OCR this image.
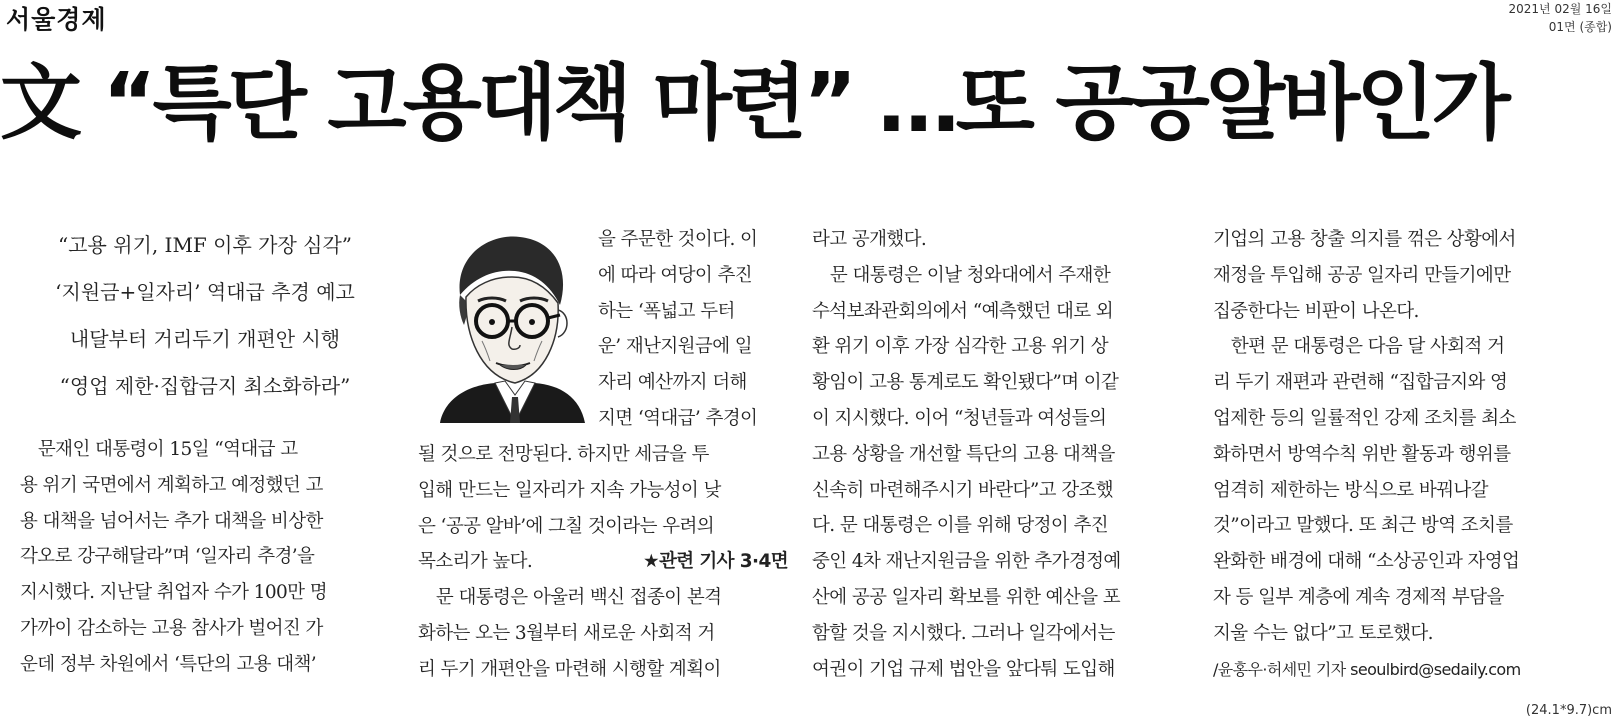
서울경제	2021년 02월 16일
01면 (종합)
文 “특단 고용대책 마련” …또 공공알바인가
“고용 위기, IMF 이후 가장 심각”
‘지원금+일자리’ 역대급 추경 예고
내달부터 거리두기 개편안 시행
“영업 제한·집합금지 최소화하라”
　문재인 대통령이 15일 “역대급 고
용 위기 국면에서 계획하고 예정했던 고
용 대책을 넘어서는 추가 대책을 비상한
각오로 강구해달라”며 ‘일자리 추경’을
지시했다. 지난달 취업자 수가 100만 명
가까이 감소하는 고용 참사가 벌어진 가
운데 정부 차원에서 ‘특단의 고용 대책’
을 주문한 것이다. 이
에 따라 여당이 추진
하는 ‘폭넓고 두터
운’ 재난지원금에 일
자리 예산까지 더해
지면 ‘역대급’ 추경이
될 것으로 전망된다. 하지만 세금을 투
입해 만드는 일자리가 지속 가능성이 낮
은 ‘공공 알바’에 그칠 것이라는 우려의
목소리가 높다.	★관련 기사 3·4면
　문 대통령은 아울러 백신 접종이 본격
화하는 오는 3월부터 새로운 사회적 거
리 두기 개편안을 마련해 시행할 계획이
라고 공개했다.
　문 대통령은 이날 청와대에서 주재한
수석보좌관회의에서 “예측했던 대로 외
환 위기 이후 가장 심각한 고용 위기 상
황임이 고용 통계로도 확인됐다”며 이같
이 지시했다. 이어 “청년들과 여성들의
고용 상황을 개선할 특단의 고용 대책을
신속히 마련해주시기 바란다”고 강조했
다. 문 대통령은 이를 위해 당정이 추진
중인 4차 재난지원금을 위한 추가경정예
산에 공공 일자리 확보를 위한 예산을 포
함할 것을 지시했다. 그러나 일각에서는
여권이 기업 규제 법안을 앞다퉈 도입해
기업의 고용 창출 의지를 꺾은 상황에서
재정을 투입해 공공 일자리 만들기에만
집중한다는 비판이 나온다.
　한편 문 대통령은 다음 달 사회적 거
리 두기 재편과 관련해 “집합금지와 영
업제한 등의 일률적인 강제 조치를 최소
화하면서 방역수칙 위반 활동과 행위를
엄격히 제한하는 방식으로 바꿔나갈
것”이라고 말했다. 또 최근 방역 조치를
완화한 배경에 대해 “소상공인과 자영업
자 등 일부 계층에 계속 경제적 부담을
지울 수는 없다”고 토로했다.
/윤홍우·허세민 기자 seoulbird@sedaily.com
(24.1*9.7)cm
